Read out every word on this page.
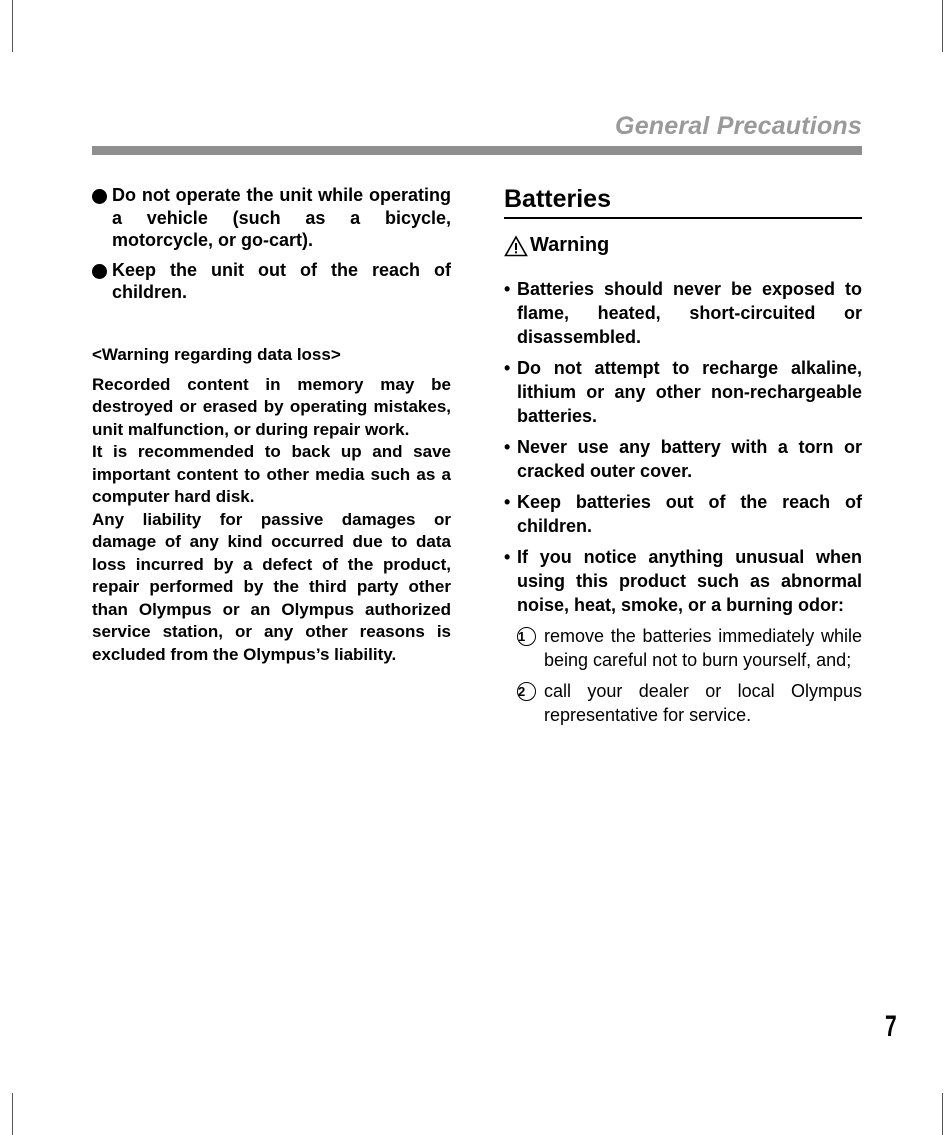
General Precautions
Do not operate the unit while operating a vehicle (such as a bicycle, motorcycle, or go-cart).
Keep the unit out of the reach of children.
<Warning regarding data loss>
Recorded content in memory may be destroyed or erased by operating mistakes, unit malfunction, or during repair work.
It is recommended to back up and save important content to other media such as a computer hard disk.
Any liability for passive damages or damage of any kind occurred due to data loss incurred by a defect of the product, repair performed by the third party other than Olympus or an Olympus authorized service station, or any other reasons is excluded from the Olympus’s liability.
Batteries
Warning
• Batteries should never be exposed to flame, heated, short-circuited or disassembled.
• Do not attempt to recharge alkaline, lithium or any other non-rechargeable batteries.
• Never use any battery with a torn or cracked outer cover.
• Keep batteries out of the reach of children.
• If you notice anything unusual when using this product such as abnormal noise, heat, smoke, or a burning odor:
1	remove the batteries immediately while being careful not to burn yourself, and;
2	call your dealer or local Olympus representative for service.
7
